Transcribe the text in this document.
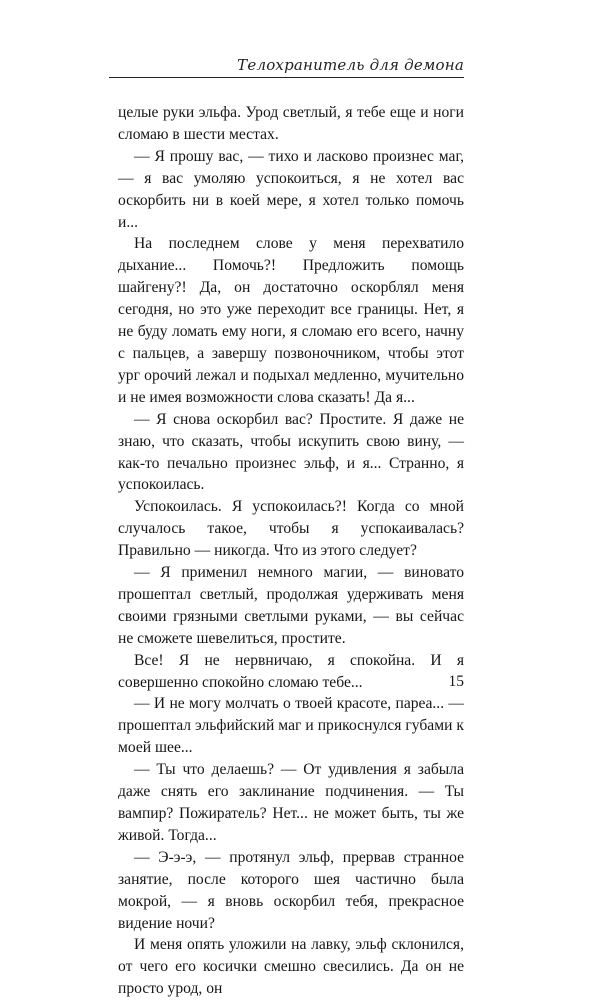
Телохранитель для демона

целые руки эльфа. Урод светлый, я тебе еще и ноги сломаю в шести местах.

— Я прошу вас, — тихо и ласково произнес маг, — я вас умоляю успокоиться, я не хотел вас оскорбить ни в коей мере, я хотел только помочь и...

На последнем слове у меня перехватило дыхание... Помочь?! Предложить помощь шайгену?! Да, он достаточно оскорблял меня сегодня, но это уже переходит все границы. Нет, я не буду ломать ему ноги, я сломаю его всего, начну с пальцев, а завершу позвоночником, чтобы этот ург орочий лежал и подыхал медленно, мучительно и не имея возможности слова сказать! Да я...

— Я снова оскорбил вас? Простите. Я даже не знаю, что сказать, чтобы искупить свою вину, — как-то печально произнес эльф, и я... Странно, я успокоилась.

Успокоилась. Я успокоилась?! Когда со мной случалось такое, чтобы я успокаивалась? Правильно — никогда. Что из этого следует?

— Я применил немного магии, — виновато прошептал светлый, продолжая удерживать меня своими грязными светлыми руками, — вы сейчас не сможете шевелиться, простите.

Все! Я не нервничаю, я спокойна. И я совершенно спокойно сломаю тебе...

— И не могу молчать о твоей красоте, парea... — прошептал эльфийский маг и прикоснулся губами к моей шее...

— Ты что делаешь? — От удивления я забыла даже снять его заклинание подчинения. — Ты вампир? Пожиратель? Нет... не может быть, ты же живой. Тогда...

— Э-э-э, — протянул эльф, прервав странное занятие, после которого шея частично была мокрой, — я вновь оскорбил тебя, прекрасное видение ночи?

И меня опять уложили на лавку, эльф склонился, от чего его косички смешно свесились. Да он не просто урод, он

15
